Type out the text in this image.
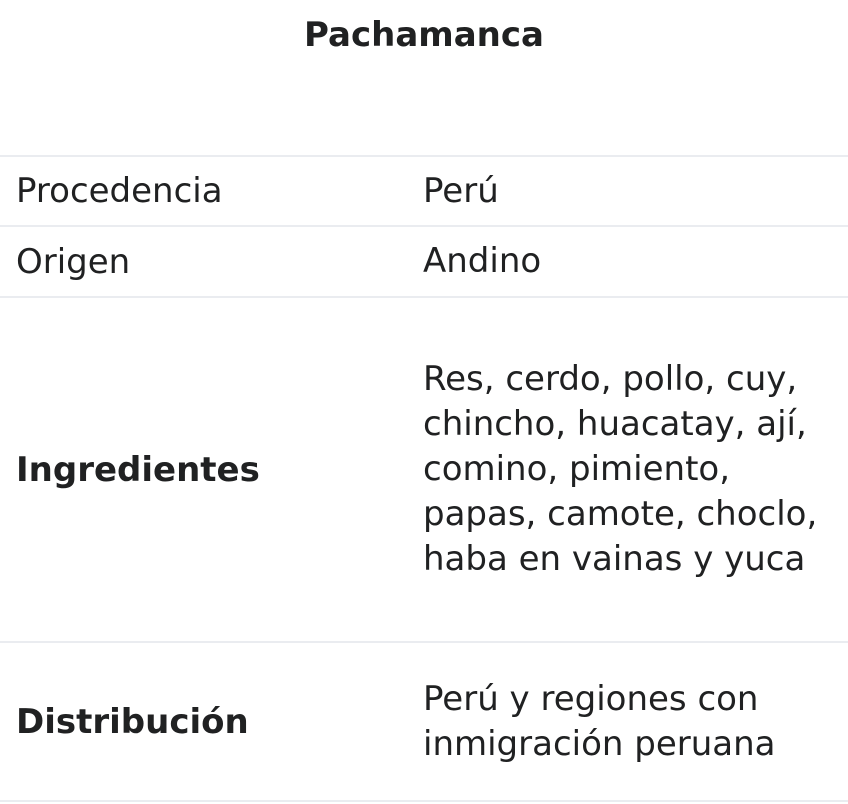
Pachamanca
Procedencia	Perú
Origen	Andino
Ingredientes
Res, cerdo, pollo, cuy, chincho, huacatay, ají, comino, pimiento, papas, camote, choclo, haba en vainas y yuca
Distribución
Perú y regiones con inmigración peruana
